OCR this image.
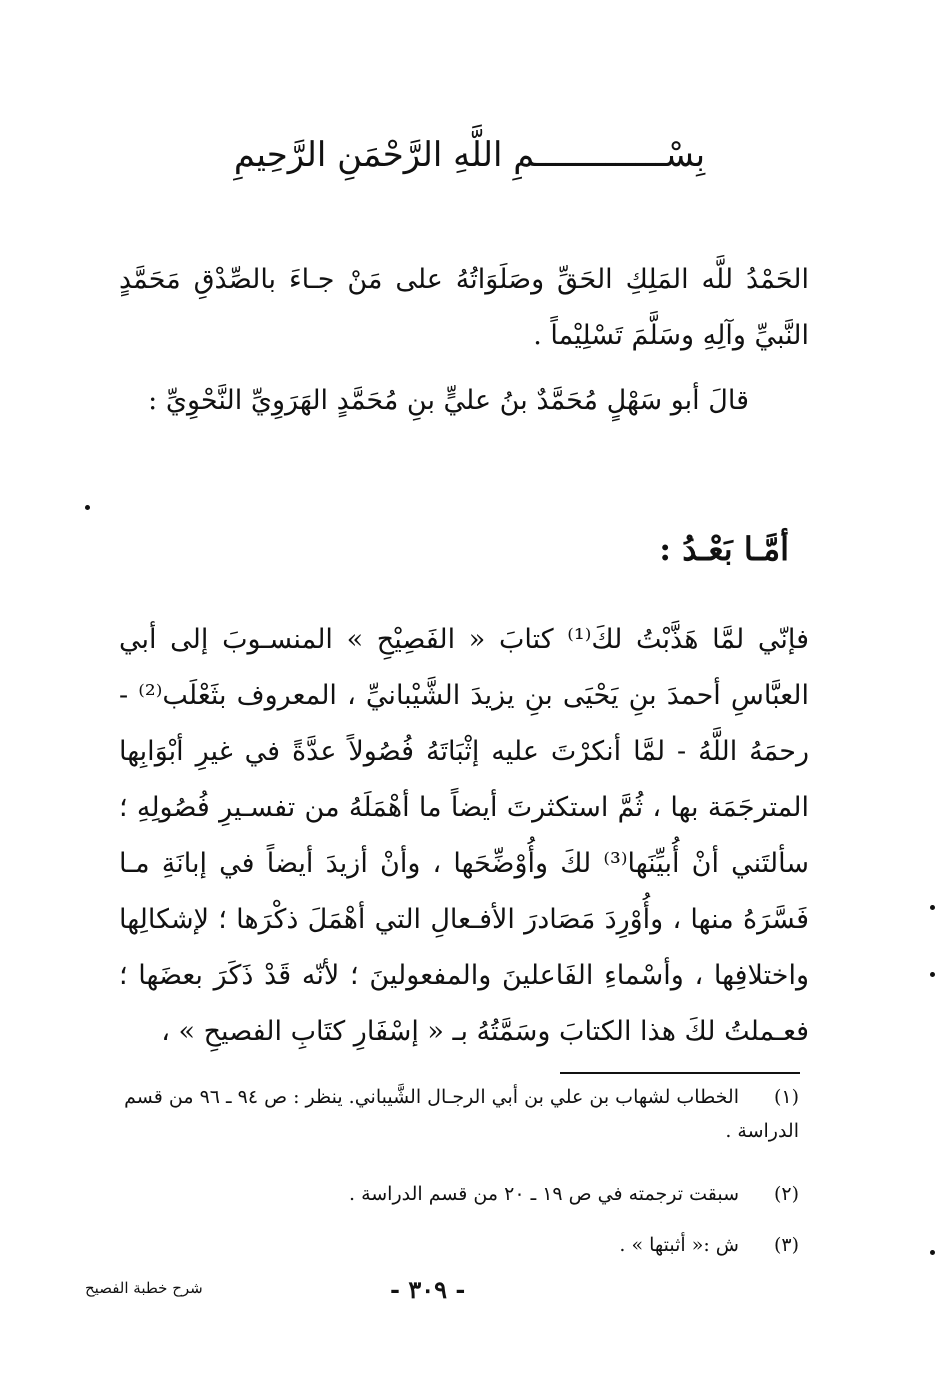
بِسْـــــــــــــمِ اللَّهِ الرَّحْمَنِ الرَّحِيمِ
الحَمْدُ للَّه المَلِكِ الحَقِّ وصَلَوَاتُهُ على مَنْ جـاءَ بالصِّدْقِ مَحَمَّدٍ النَّبيِّ وآلِهِ وسَلَّمَ تَسْلِيْماً .
قالَ أبو سَهْلٍ مُحَمَّدٌ بنُ عليٍّ بنِ مُحَمَّدٍ الهَرَوِيِّ النَّحْوِيِّ :
أمَّـا بَعْـدُ :
فإنّي لمَّا هَذَّبْتُ لكَ⁽¹⁾ كتابَ « الفَصِيْحِ » المنسـوبَ إلى أبي العبَّاسِ أحمدَ بنِ يَحْيَى بنِ يزيدَ الشَّيْبانيِّ ، المعروف بثَعْلَب⁽²⁾ - رحمَهُ اللَّهُ - لمَّا أنكرْتَ عليه إثْبَاتَهُ فُصُولاً عدَّةً في غيرِ أبْوَابِها المترجَمَة بها ، ثُمَّ استكثرتَ أيضاً ما أهْمَلَهُ من تفسـيرِ فُصُولِهِ ؛ سألتَني أنْ أُبيِّنَها⁽³⁾ لكَ وأُوْضِّحَها ، وأنْ أزيدَ أيضاً في إبانَةِ مـا فَسَّرَهُ منها ، وأُوْرِدَ مَصَادرَ الأفـعالِ التي أهْمَلَ ذكْرَها ؛ لإشكالِها واختلافِها ، وأسْماءِ الفَاعلينَ والمفعولينَ ؛ لأنّه قَدْ ذَكَرَ بعضَها ؛ فعـملتُ لكَ هذا الكتابَ وسَمَّتُهُ بـ « إسْفَارِ كتَابِ الفصيحِ » ،
(١)الخطاب لشهاب بن علي بن أبي الرجـال الشَّيباني. ينظر : ص ٩٤ ـ ٩٦ من قسم الدراسة .
(٢)سبقت ترجمته في ص ١٩ ـ ٢٠ من قسم الدراسة .
(٣)ش :« أثبتها » .
- ٣٠٩ -
شرح خطبة الفصيح
